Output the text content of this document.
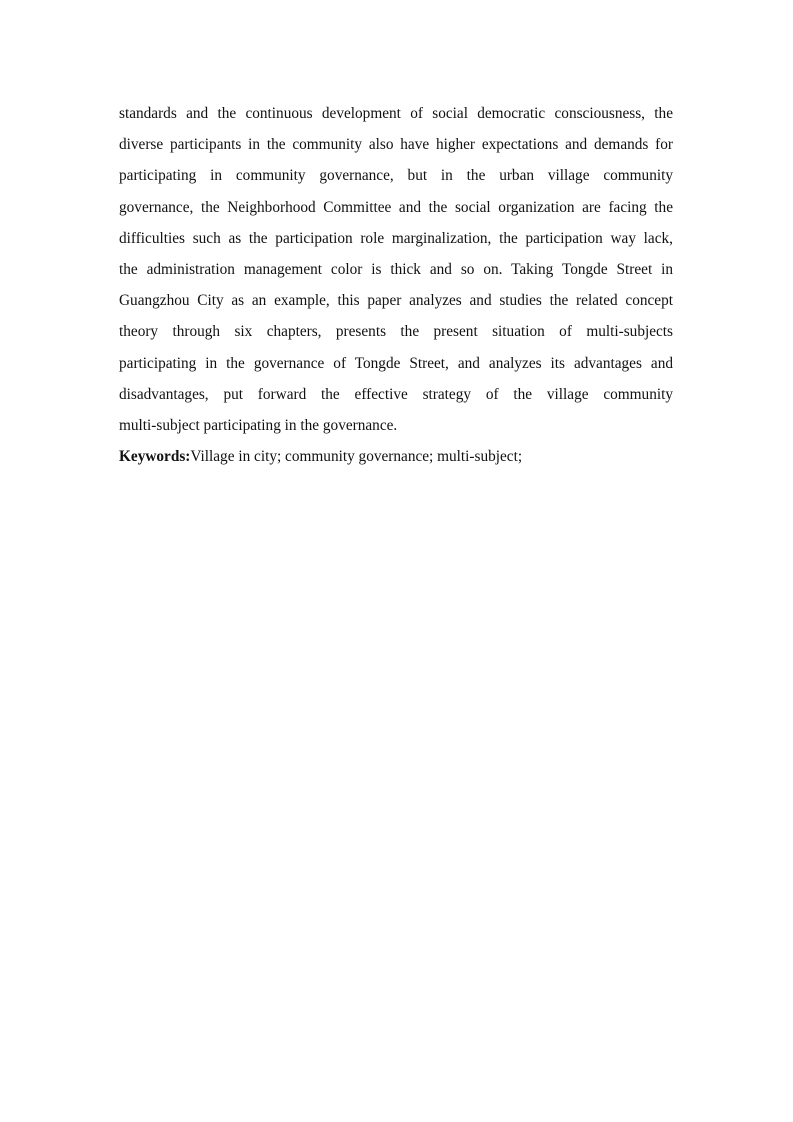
standards and the continuous development of social democratic consciousness, the
diverse participants in the community also have higher expectations and demands for
participating in community governance, but in the urban village community
governance, the Neighborhood Committee and the social organization are facing the
difficulties such as the participation role marginalization, the participation way lack,
the administration management color is thick and so on. Taking Tongde Street in
Guangzhou City as an example, this paper analyzes and studies the related concept
theory through six chapters, presents the present situation of multi-subjects
participating in the governance of Tongde Street, and analyzes its advantages and
disadvantages, put forward the effective strategy of the village community
multi-subject participating in the governance.
Keywords:Village in city; community governance; multi-subject;
